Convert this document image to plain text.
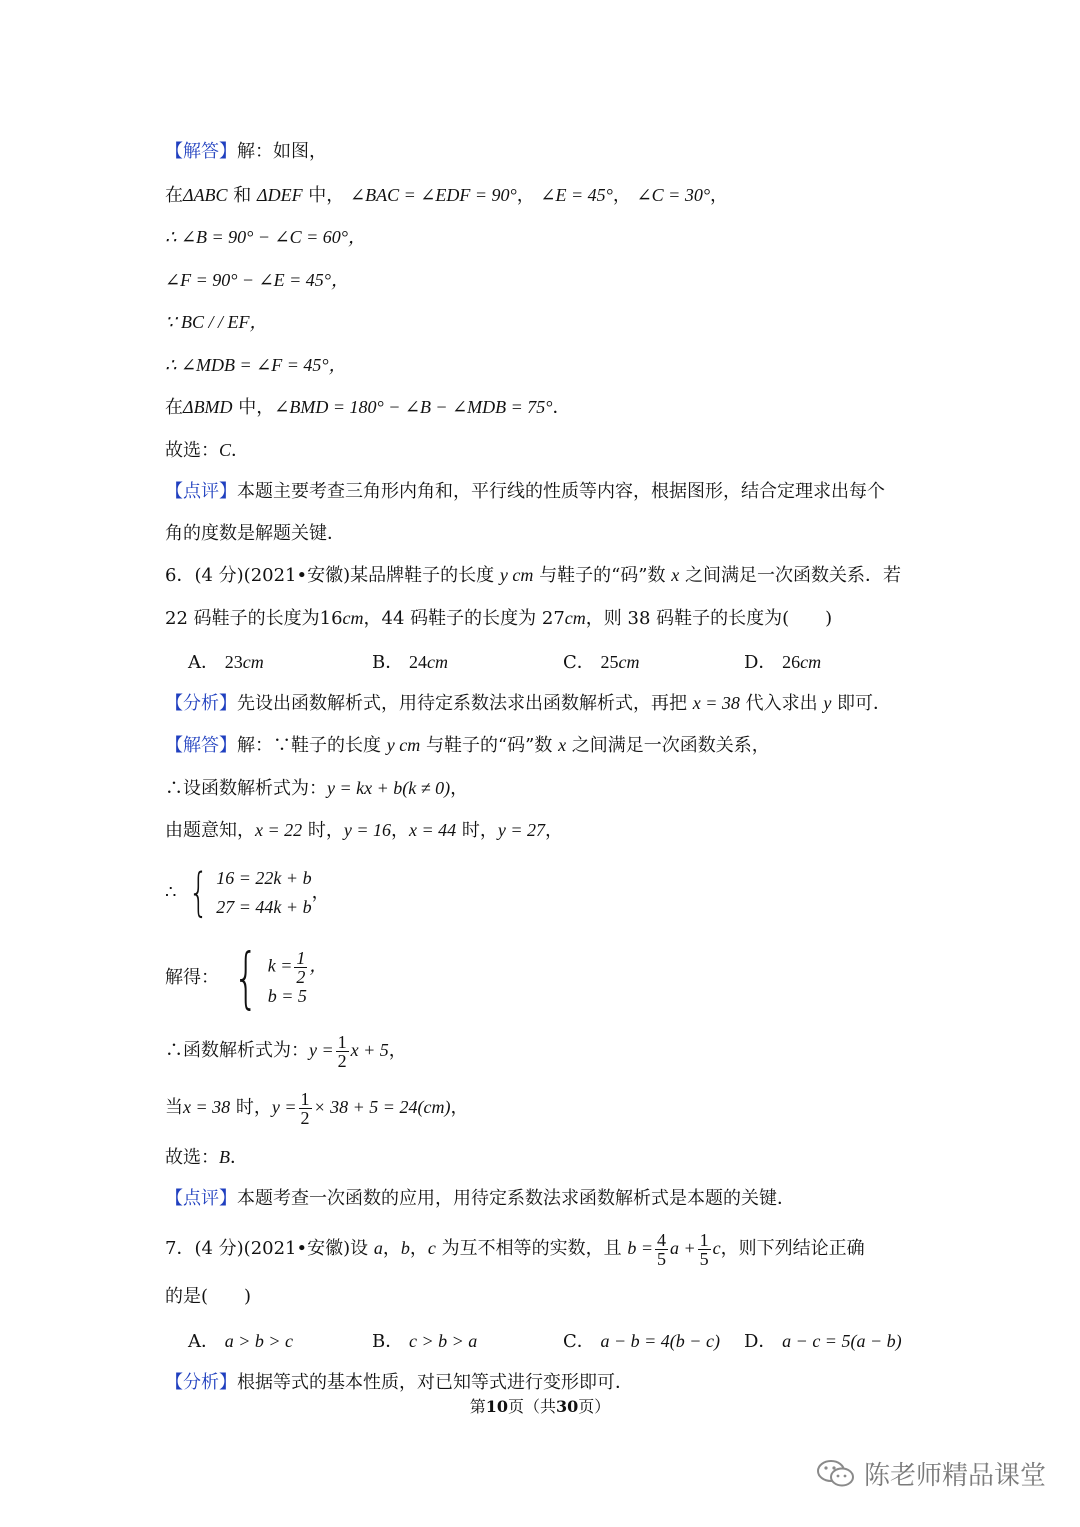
【解答】解：如图，
在ΔABC 和 ΔDEF 中， ∠BAC = ∠EDF = 90°， ∠E = 45°， ∠C = 30°，
∴ ∠B = 90° − ∠C = 60°，
∠F = 90° − ∠E = 45°，
∵ BC / / EF，
∴ ∠MDB = ∠F = 45°，
在ΔBMD 中，∠BMD = 180° − ∠B − ∠MDB = 75°．
故选：C．
【点评】本题主要考查三角形内角和，平行线的性质等内容，根据图形，结合定理求出每个
角的度数是解题关键．
6．(4 分)(2021•安徽)某品牌鞋子的长度 y cm 与鞋子的“码”数 x 之间满足一次函数关系．若
22 码鞋子的长度为16cm，44 码鞋子的长度为 27cm，则 38 码鞋子的长度为(　　)
A． 23cm	B． 24cm	C． 25cm	D． 26cm
【分析】先设出函数解析式，用待定系数法求出函数解析式，再把 x = 38 代入求出 y 即可．
【解答】解：∵鞋子的长度 y cm 与鞋子的“码”数 x 之间满足一次函数关系，
∴设函数解析式为：y = kx + b(k ≠ 0)，
由题意知，x = 22 时，y = 16，x = 44 时，y = 27，
∴ { 16 = 22k + b
27 = 44k + b
，
解得： { $k = \frac{1}{2}$ ，
b = 5
∴函数解析式为：$y = \frac{1}{2}$ x + 5，
当x = 38 时，$y = \frac{1}{2} \times 38 + 5 = 24(cm)$，
故选：B．
【点评】本题考查一次函数的应用，用待定系数法求函数解析式是本题的关键．
7．(4 分)(2021•安徽)设 a，b，c 为互不相等的实数，且 $b = \frac{4}{5}$ $a + \frac{1}{5}$ c，则下列结论正确
的是(　　)
A． a > b > c	B． c > b > a	C． a − b = 4(b − c) D． a − c = 5(a − b)
【分析】根据等式的基本性质，对已知等式进行变形即可．
第10页（共30页）
陈老师精品课堂
